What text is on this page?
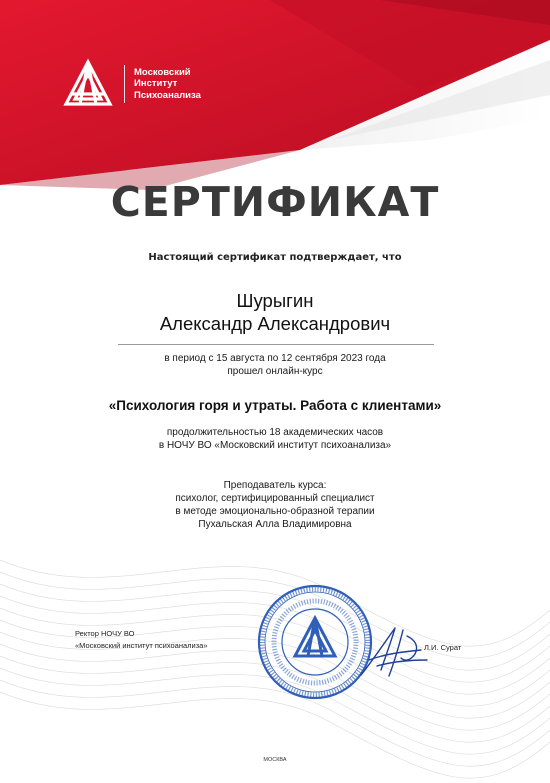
Московский
Институт
Психоанализа
СЕРТИФИКАТ
Настоящий сертификат подтверждает, что
Шурыгин
Александр Александрович
в период с 15 августа по 12 сентября 2023 года
прошел онлайн-курс
«Психология горя и утраты. Работа с клиентами»
продолжительностью 18 академических часов
в НОЧУ ВО «Московский институт психоанализа»
Преподаватель курса:
психолог, сертифицированный специалист
в методе эмоционально-образной терапии
Пухальская Алла Владимировна
Ректор НОЧУ ВО
«Московский институт психоанализа»	Л.И. Сурат
МОСКВА
